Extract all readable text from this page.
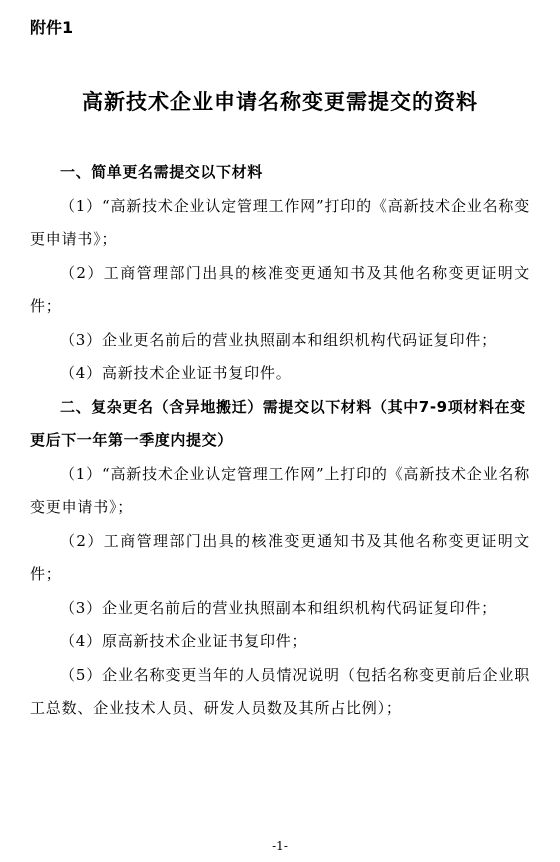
附件1
高新技术企业申请名称变更需提交的资料

一、简单更名需提交以下材料

（1）“高新技术企业认定管理工作网”打印的《高新技术企业名称变更申请书》；

（2）工商管理部门出具的核准变更通知书及其他名称变更证明文件；

（3）企业更名前后的营业执照副本和组织机构代码证复印件；

（4）高新技术企业证书复印件。

二、复杂更名（含异地搬迁）需提交以下材料（其中7-9项材料在变更后下一年第一季度内提交）

（1）“高新技术企业认定管理工作网”上打印的《高新技术企业名称变更申请书》；

（2）工商管理部门出具的核准变更通知书及其他名称变更证明文件；

（3）企业更名前后的营业执照副本和组织机构代码证复印件；

（4）原高新技术企业证书复印件；

（5）企业名称变更当年的人员情况说明（包括名称变更前后企业职工总数、企业技术人员、研发人员数及其所占比例）；

-1-
